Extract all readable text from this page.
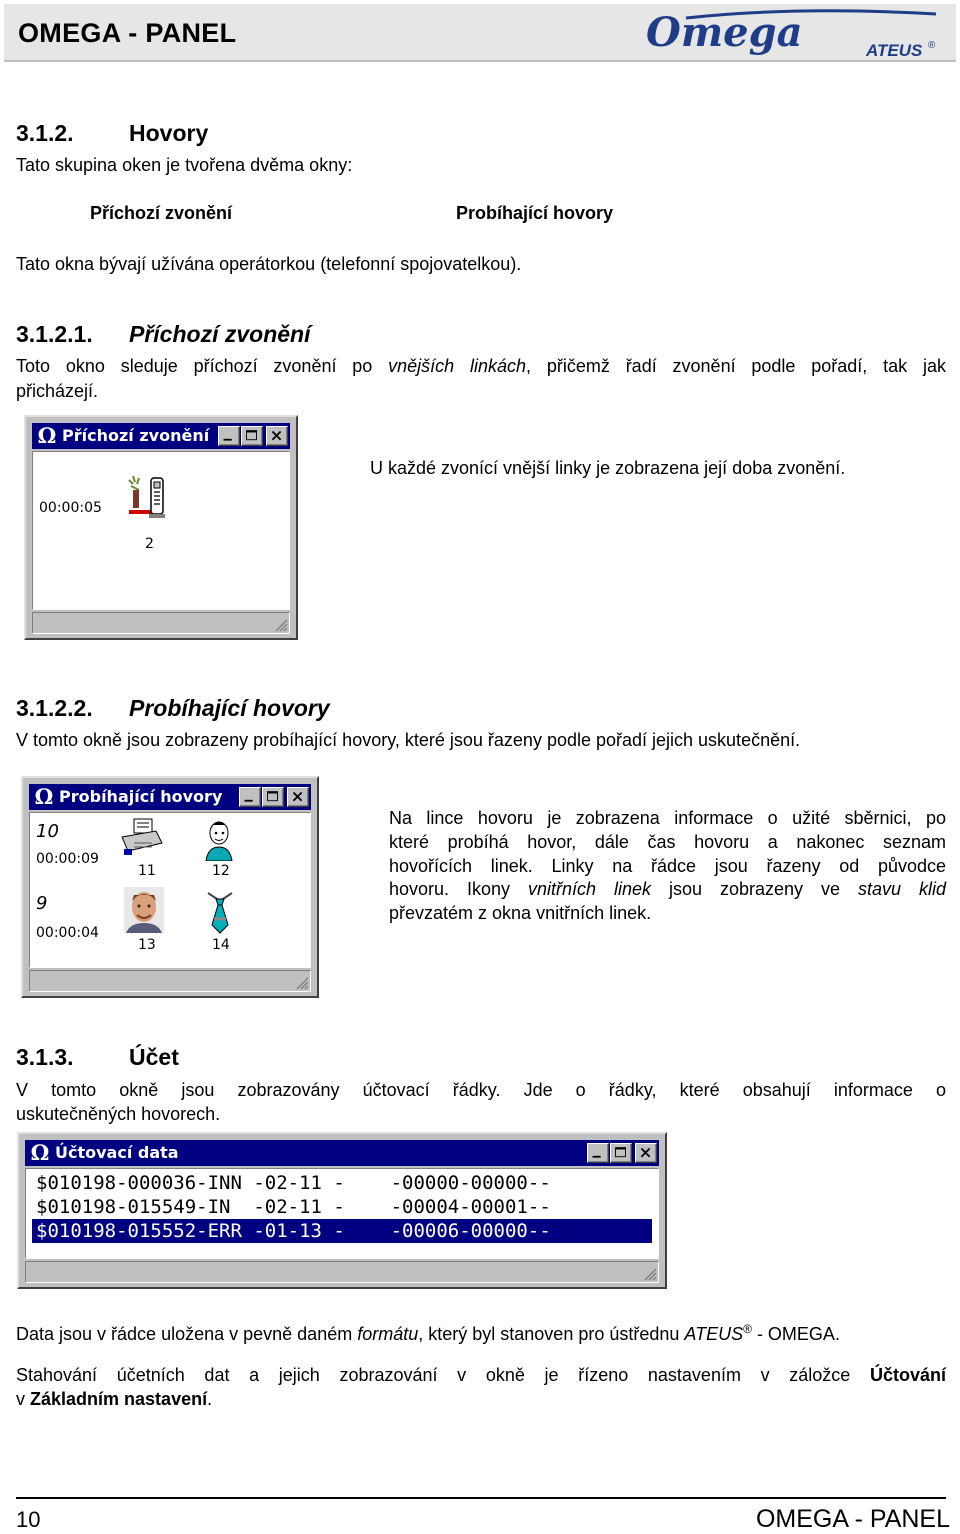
OMEGA - PANEL	Omega	ATEUS ®
3.1.2. Hovory
Tato skupina oken je tvořena dvěma okny:
Příchozí zvonění	Probíhající hovory
Tato okna bývají užívána operátorkou (telefonní spojovatelkou).
3.1.2.1. Příchozí zvonění
Toto okno sleduje příchozí zvonění po vnějších linkách, přičemž řadí zvonění podle pořadí, tak jak
přicházejí.
Ω Příchozí zvonění
00:00:05
2
U každé zvonící vnější linky je zobrazena její doba zvonění.
3.1.2.2. Probíhající hovory
V tomto okně jsou zobrazeny probíhající hovory, které jsou řazeny podle pořadí jejich uskutečnění.
Ω Probíhající hovory
10
00:00:09
11	12
9
00:00:04
13	14
Na lince hovoru je zobrazena informace o užité sběrnici, po
které probíhá hovor, dále čas hovoru a nakonec seznam
hovořících linek. Linky na řádce jsou řazeny od původce
hovoru. Ikony vnitřních linek jsou zobrazeny ve stavu klid
převzatém z okna vnitřních linek.
3.1.3. Účet
V tomto okně jsou zobrazovány účtovací řádky. Jde o řádky, které obsahují informace o
uskutečněných hovorech.
Ω Účtovací data
$010198-000036-INN -02-11 -    -00000-00000--
$010198-015549-IN  -02-11 -    -00004-00001--
$010198-015552-ERR -01-13 -    -00006-00000--
Data jsou v řádce uložena v pevně daném formátu, který byl stanoven pro ústřednu ATEUS® - OMEGA.
Stahování účetních dat a jejich zobrazování v okně je řízeno nastavením v záložce Účtování
v Základním nastavení.
10	OMEGA - PANEL
